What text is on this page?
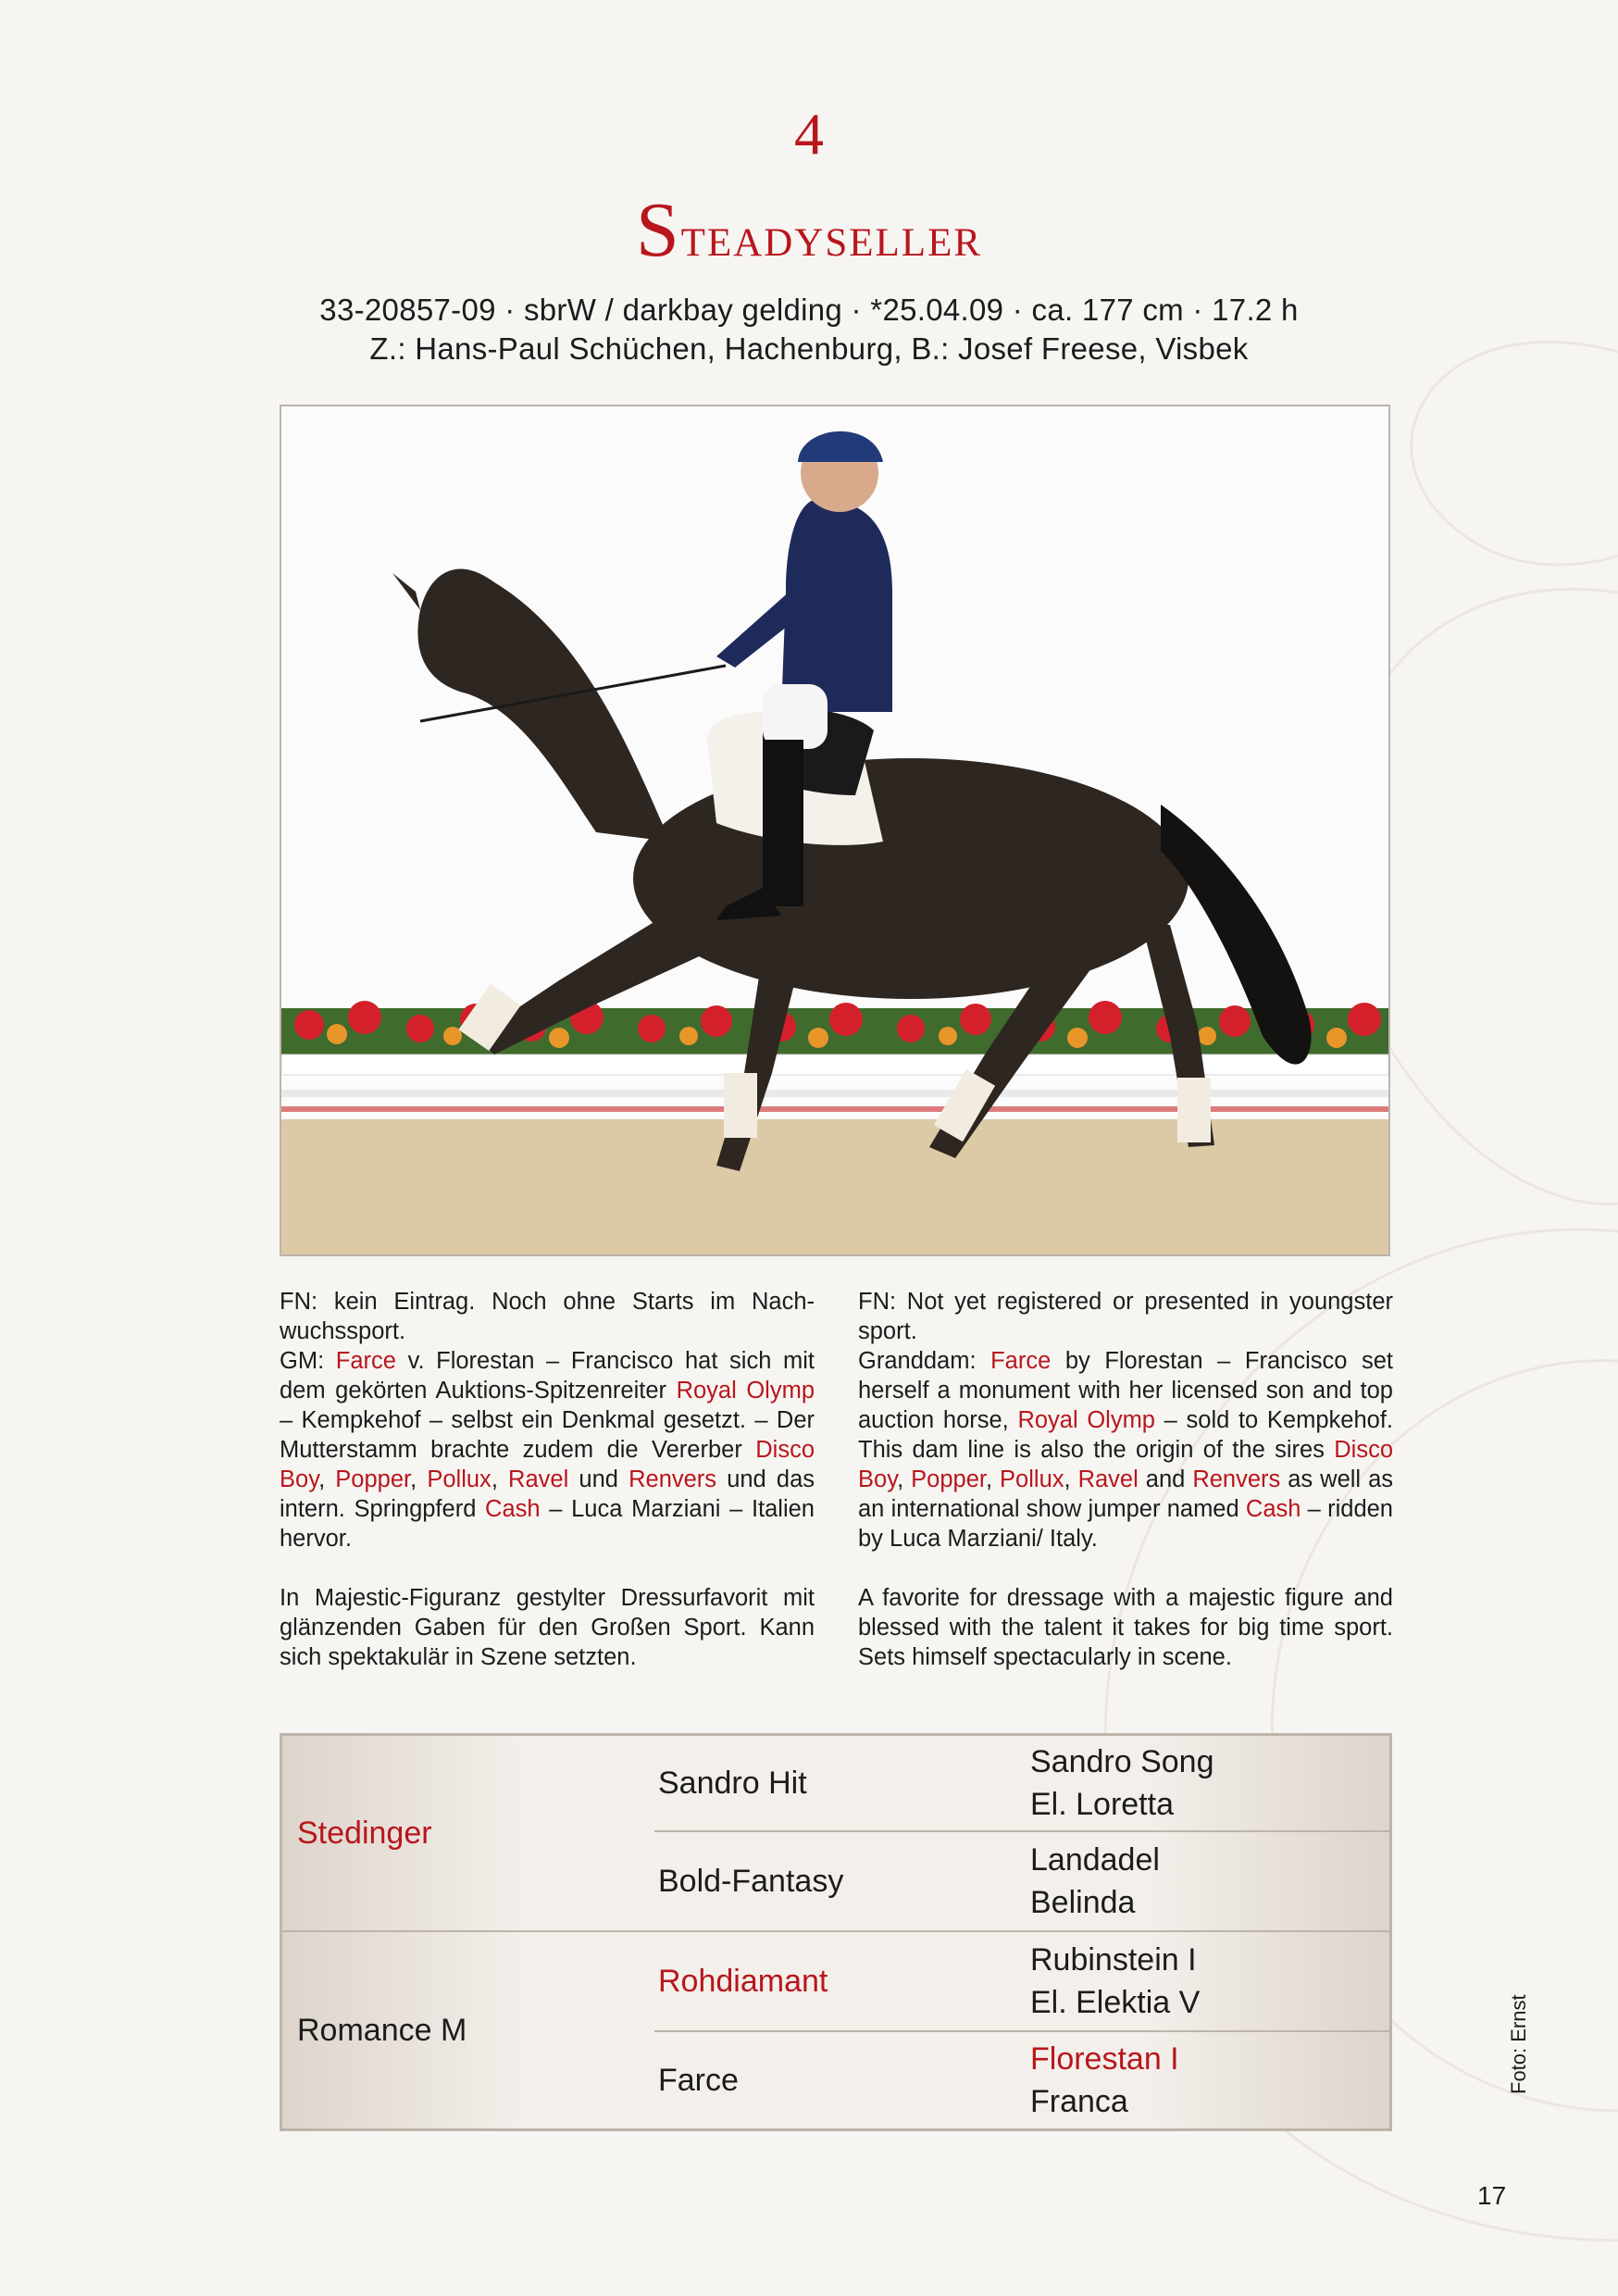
4
Steadyseller
33-20857-09 · sbrW / darkbay gelding · *25.04.09 · ca. 177 cm · 17.2 h
Z.: Hans-Paul Schüchen, Hachenburg, B.: Josef Freese, Visbek

FN: kein Eintrag. Noch ohne Starts im Nachwuchssport.

GM: Farce v. Florestan – Francisco hat sich mit dem gekörten Auktions-Spitzenreiter Royal Olymp – Kempkehof – selbst ein Denkmal gesetzt. – Der Mutterstamm brachte zudem die Vererber Disco Boy, Popper, Pollux, Ravel und Renvers und das intern. Springpferd Cash – Luca Marziani – Italien hervor.

In Majestic-Figuranz gestylter Dressurfavorit mit glänzenden Gaben für den Großen Sport. Kann sich spektakulär in Szene setzten.

FN: Not yet registered or presented in youngster sport.

Granddam: Farce by Florestan – Francisco set herself a monument with her licensed son and top auction horse, Royal Olymp – sold to Kempkehof. This dam line is also the origin of the sires Disco Boy, Popper, Pollux, Ravel and Renvers as well as an international show jumper named Cash – ridden by Luca Marziani/ Italy.

A favorite for dressage with a majestic figure and blessed with the talent it takes for big time sport. Sets himself spectacularly in scene.

Stedinger
Romance M
Sandro Hit
Bold-Fantasy
Rohdiamant
Farce
Sandro Song
El. Loretta
Landadel
Belinda
Rubinstein I
El. Elektia V
Florestan I
Franca
Foto: Ernst
17
